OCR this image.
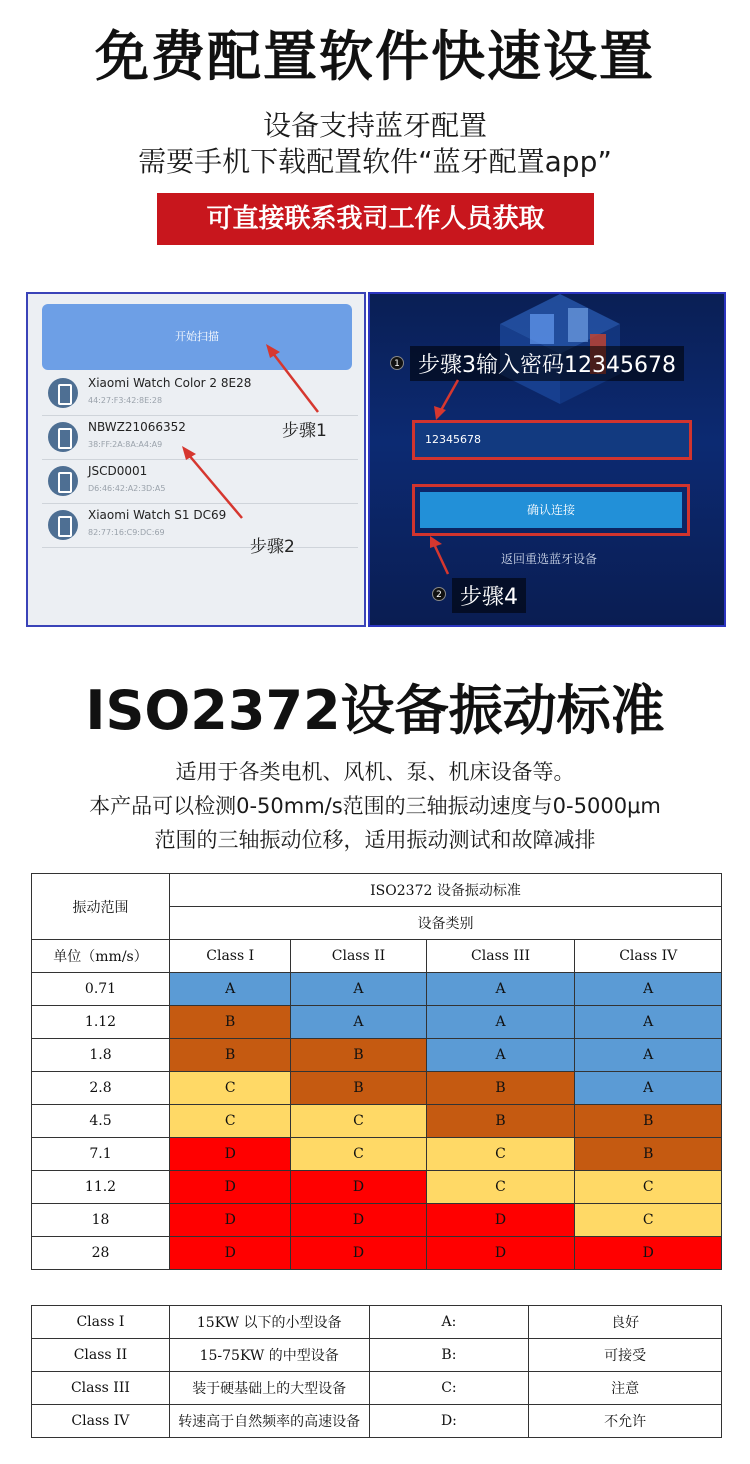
免费配置软件快速设置
设备支持蓝牙配置
需要手机下载配置软件“蓝牙配置app”
可直接联系我司工作人员获取
开始扫描
Xiaomi Watch Color 2 8E28
44:27:F3:42:8E:28
NBWZ21066352
38:FF:2A:8A:A4:A9
JSCD0001
D6:46:42:A2:3D:A5
Xiaomi Watch S1 DC69
82:77:16:C9:DC:69
步骤1
步骤2
1 步骤3输入密码12345678
12345678
确认连接
返回重选蓝牙设备
2 步骤4
ISO2372设备振动标准
适用于各类电机、风机、泵、机床设备等。
本产品可以检测0-50mm/s范围的三轴振动速度与0-5000μm
范围的三轴振动位移，适用振动测试和故障减排
振动范围	ISO2372 设备振动标准			
	设备类别			
单位（mm/s）	Class I	Class II	Class III	Class IV
0.71	A	A	A	A
1.12	B	A	A	A
1.8	B	B	A	A
2.8	C	B	B	A
4.5	C	C	B	B
7.1	D	C	C	B
11.2	D	D	C	C
18	D	D	D	C
28	D	D	D	D
Class I	15KW 以下的小型设备	A:	良好
Class II	15-75KW 的中型设备	B:	可接受
Class III	装于硬基础上的大型设备	C:	注意
Class IV	转速高于自然频率的高速设备	D:	不允许
